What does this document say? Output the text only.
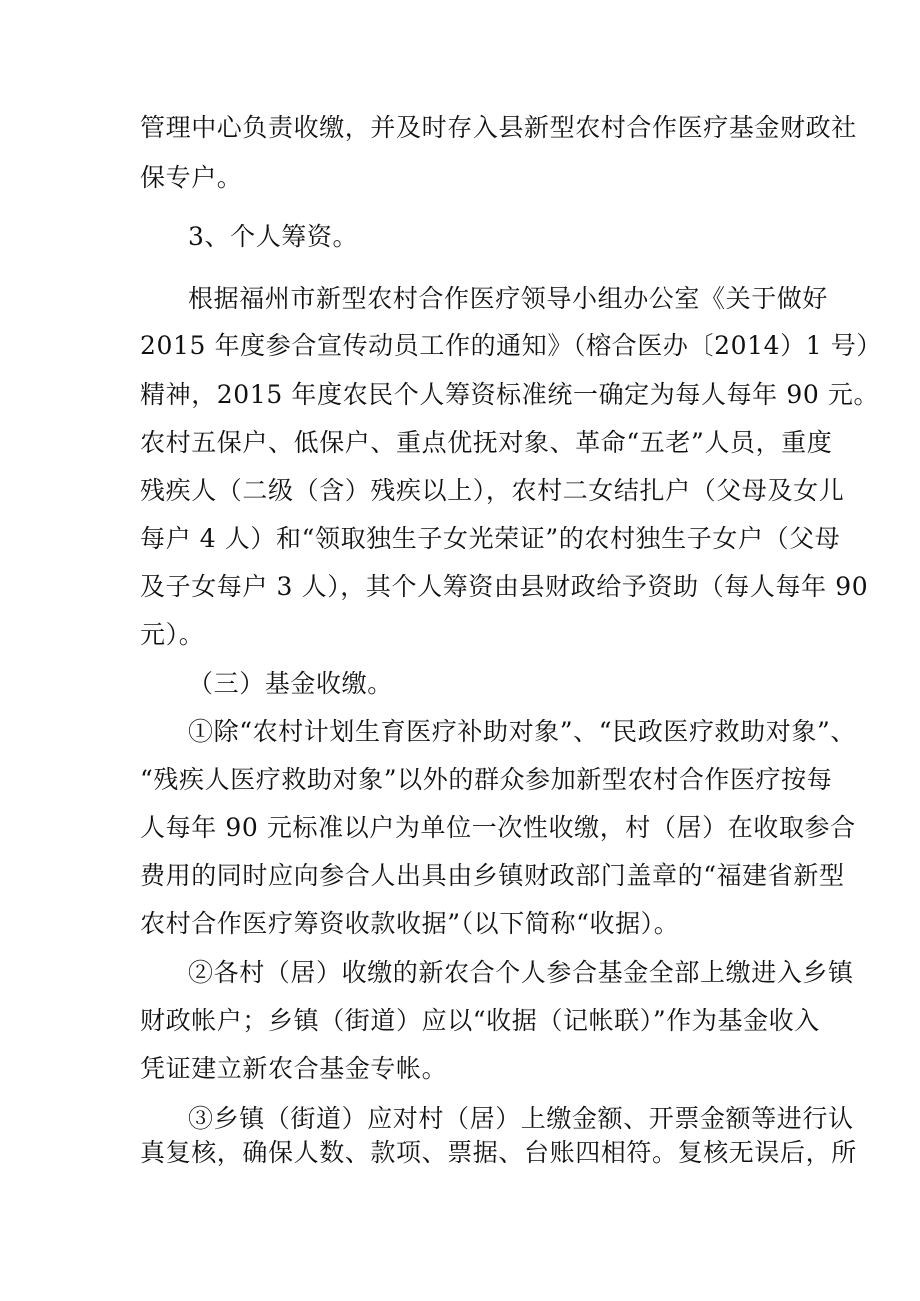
管理中心负责收缴，并及时存入县新型农村合作医疗基金财政社
保专户。
3、个人筹资。
根据福州市新型农村合作医疗领导小组办公室《关于做好
2015 年度参合宣传动员工作的通知》（榕合医办〔2014）1 号）
精神，2015 年度农民个人筹资标准统一确定为每人每年 90 元。
农村五保户、低保户、重点优抚对象、革命“五老”人员，重度
残疾人（二级（含）残疾以上），农村二女结扎户（父母及女儿
每户 4 人）和“领取独生子女光荣证”的农村独生子女户（父母
及子女每户 3 人），其个人筹资由县财政给予资助（每人每年 90
元）。
（三）基金收缴。
①除“农村计划生育医疗补助对象”、“民政医疗救助对象”、
“残疾人医疗救助对象”以外的群众参加新型农村合作医疗按每
人每年 90 元标准以户为单位一次性收缴，村（居）在收取参合
费用的同时应向参合人出具由乡镇财政部门盖章的“福建省新型
农村合作医疗筹资收款收据”（以下简称“收据）。
②各村（居）收缴的新农合个人参合基金全部上缴进入乡镇
财政帐户；乡镇（街道）应以“收据（记帐联）”作为基金收入
凭证建立新农合基金专帐。
③乡镇（街道）应对村（居）上缴金额、开票金额等进行认
真复核，确保人数、款项、票据、台账四相符。复核无误后，所
